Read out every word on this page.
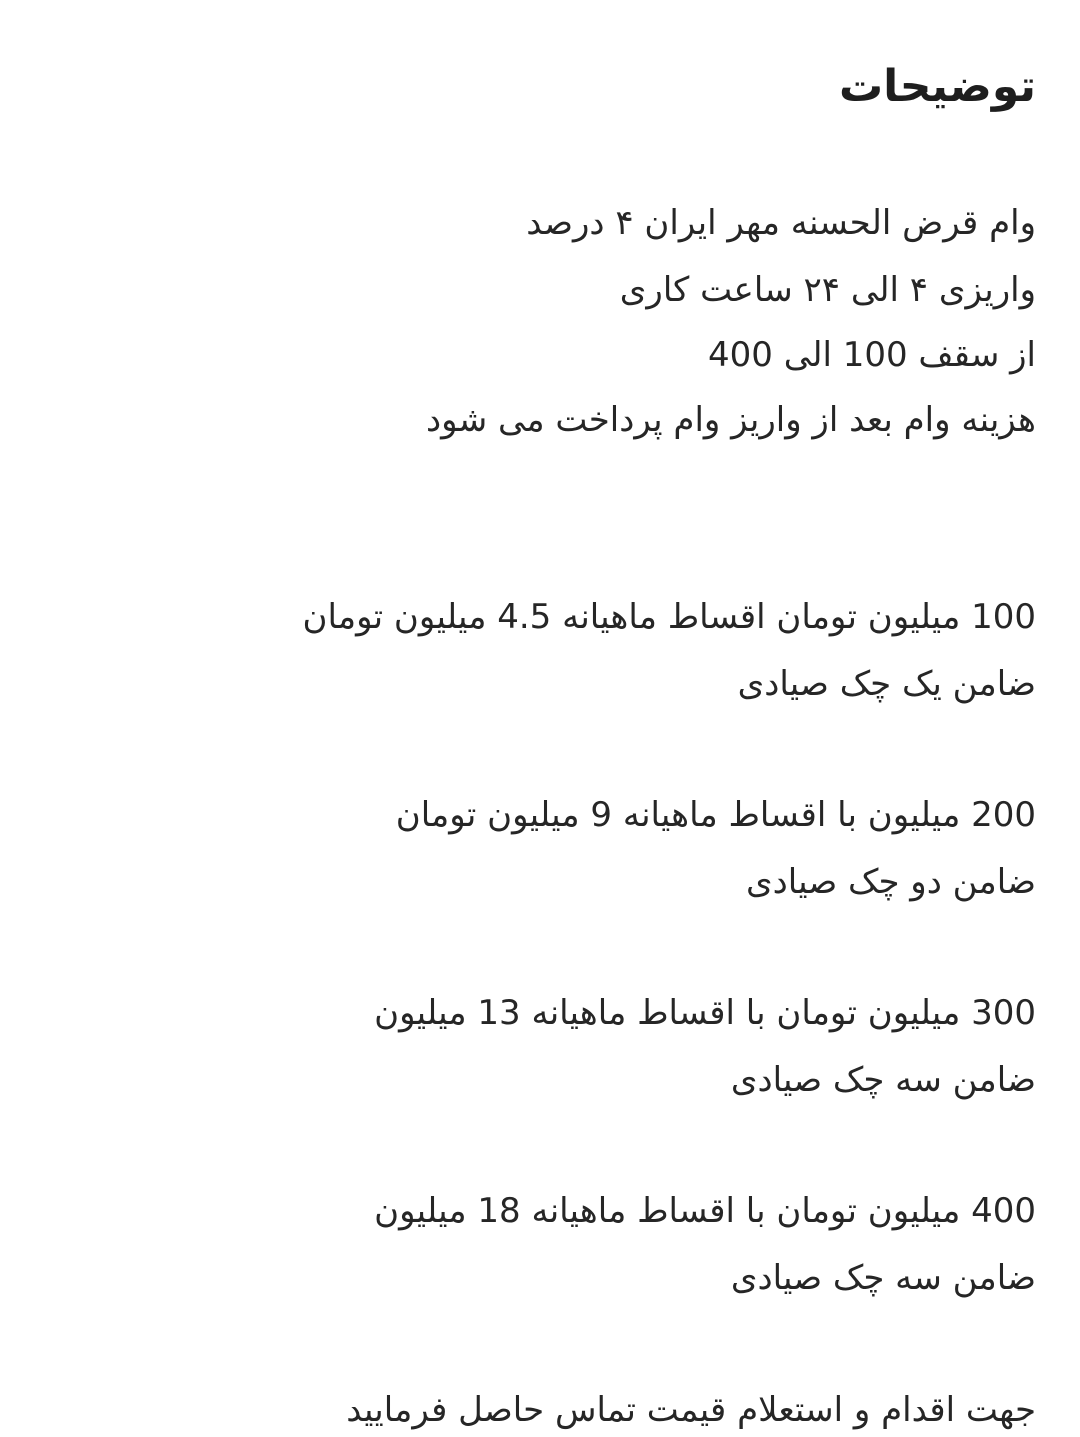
توضیحات

وام قرض الحسنه مهر ایران ۴ درصد

واریزی ۴ الی ۲۴ ساعت کاری

از سقف 100 الی 400

هزینه وام بعد از واریز وام پرداخت می شود

100 میلیون تومان اقساط ماهیانه 4.5 میلیون تومان

ضامن یک چک صیادی

200 میلیون با اقساط ماهیانه 9 میلیون تومان

ضامن دو چک صیادی

300 میلیون تومان با اقساط ماهیانه 13 میلیون

ضامن سه چک صیادی

400 میلیون تومان با اقساط ماهیانه 18 میلیون

ضامن سه چک صیادی

جهت اقدام و استعلام قیمت تماس حاصل فرمایید
